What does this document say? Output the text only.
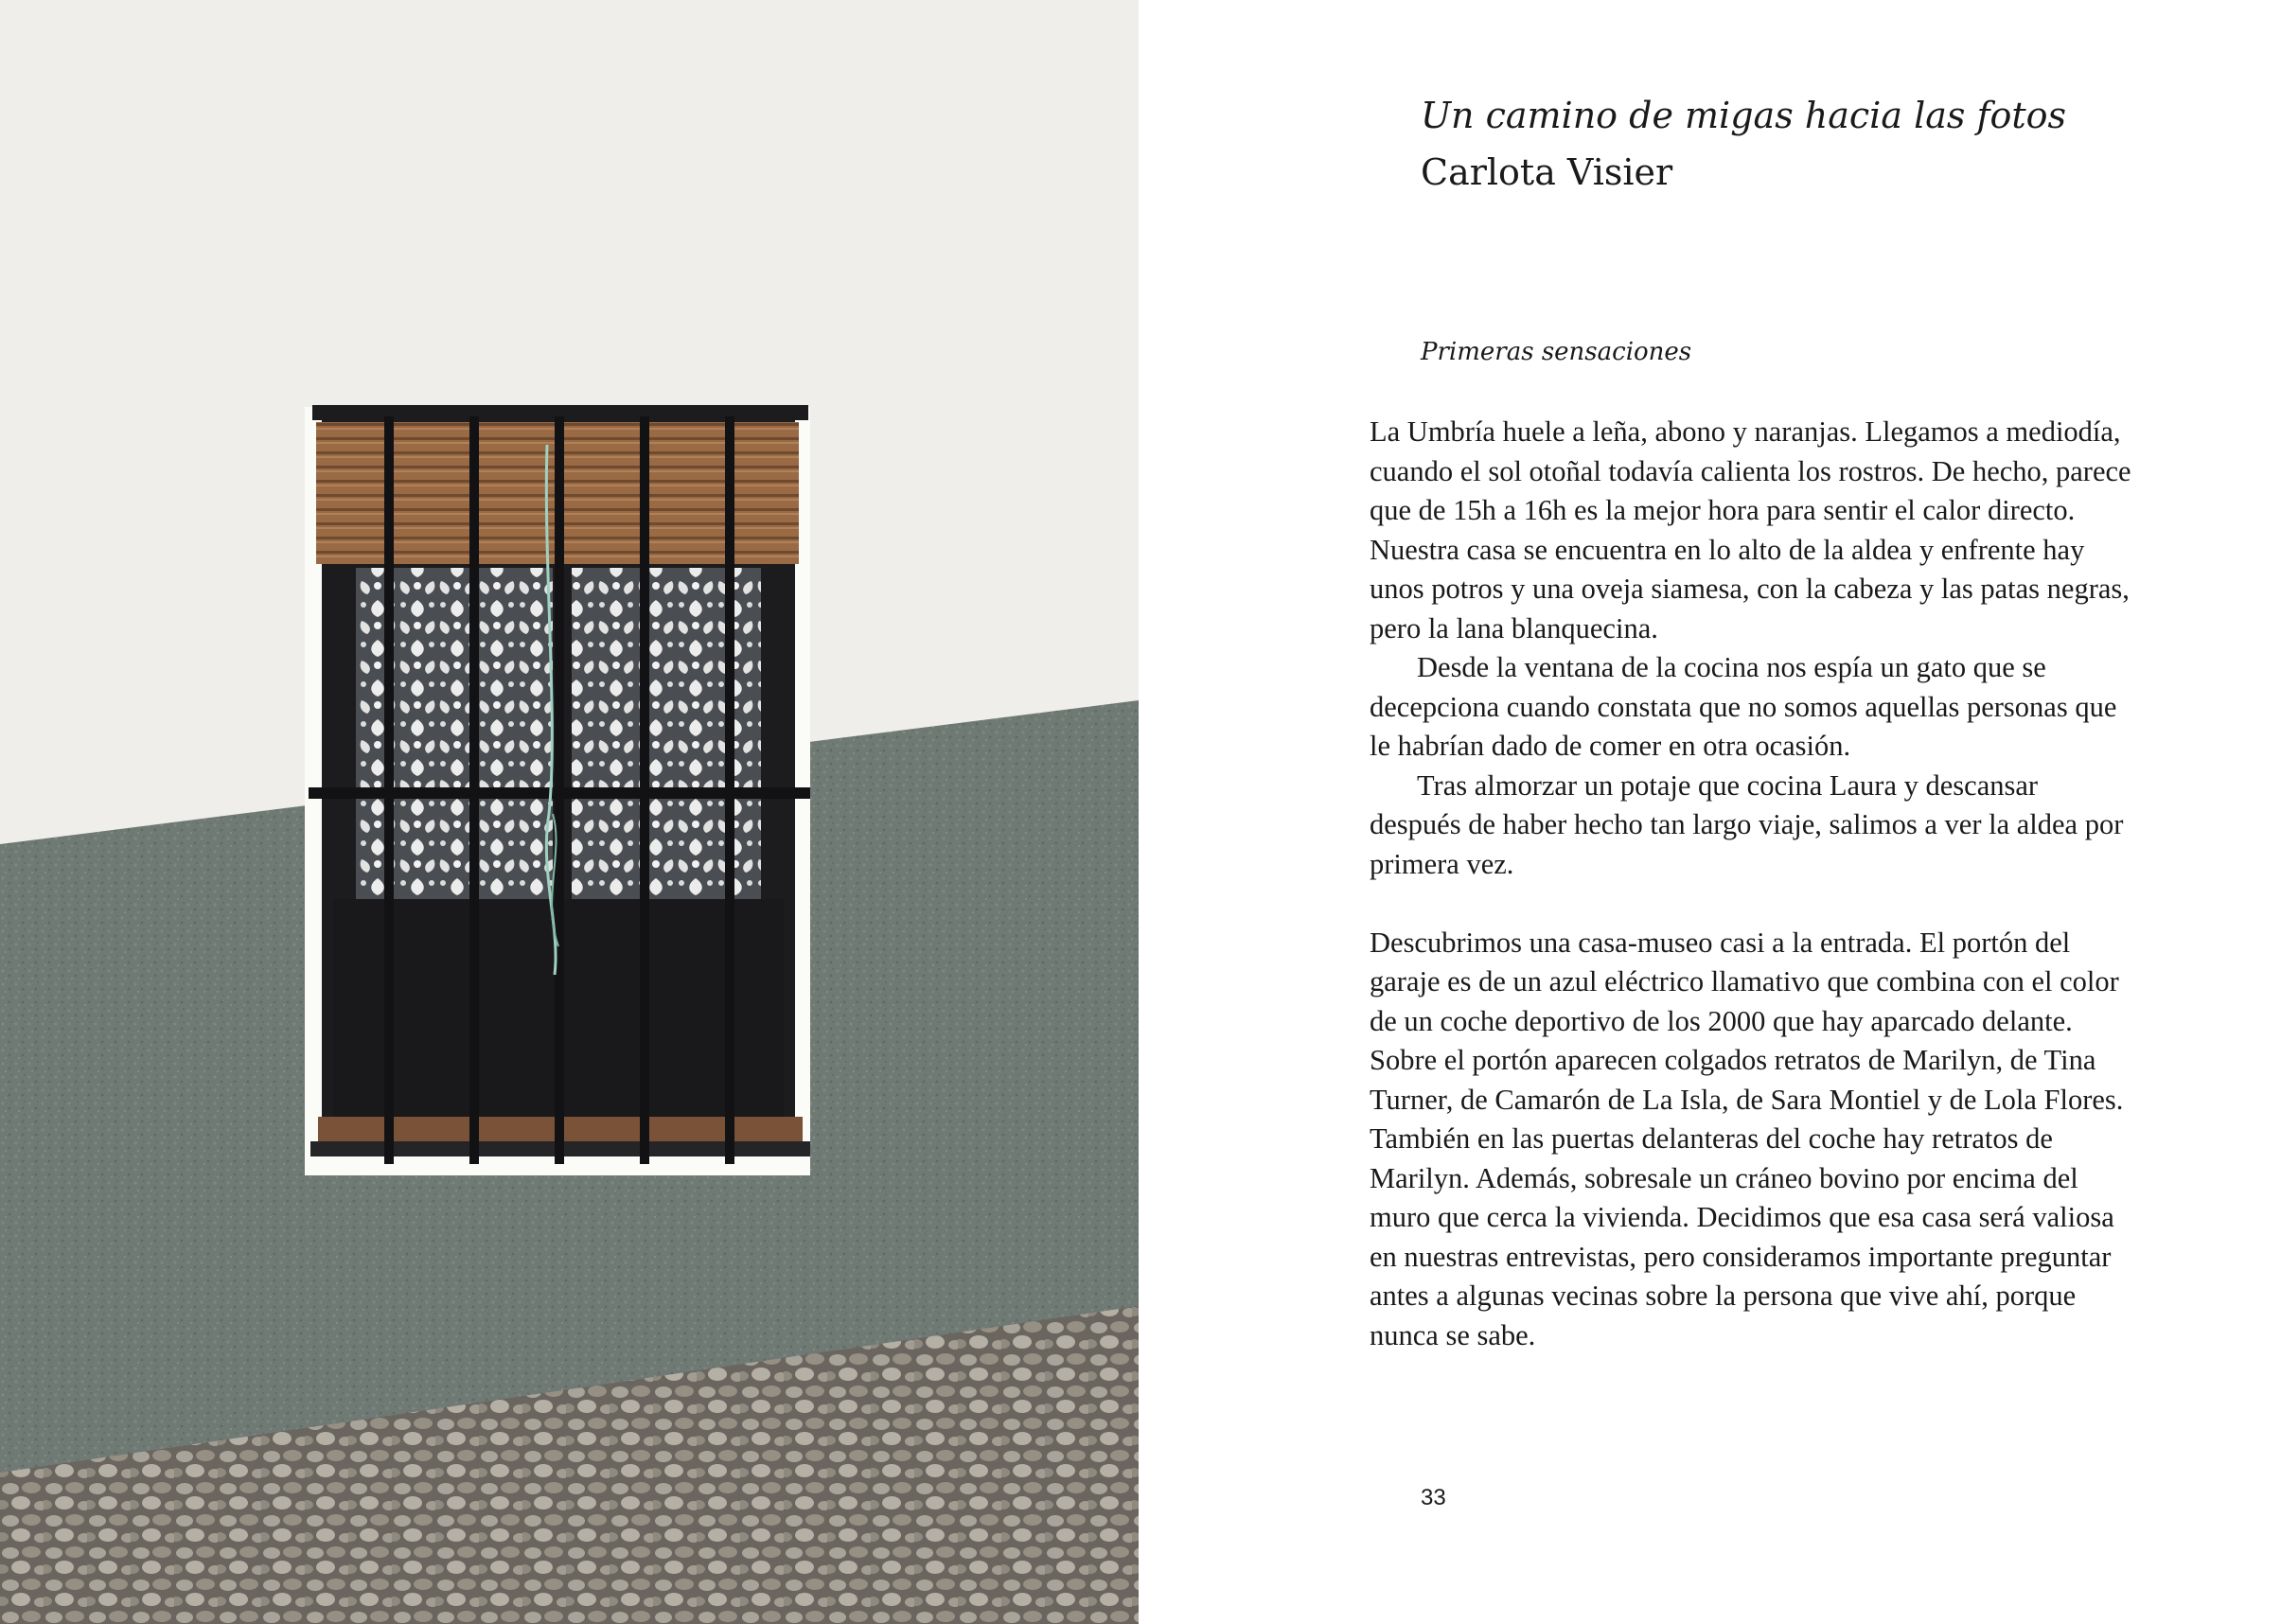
Un camino de migas hacia las fotos

Carlota Visier

Primeras sensaciones

La Umbría huele a leña, abono y naranjas. Llegamos a mediodía,
cuando el sol otoñal todavía calienta los rostros. De hecho, parece
que de 15h a 16h es la mejor hora para sentir el calor directo.
Nuestra casa se encuentra en lo alto de la aldea y enfrente hay
unos potros y una oveja siamesa, con la cabeza y las patas negras,
pero la lana blanquecina.
Desde la ventana de la cocina nos espía un gato que se
decepciona cuando constata que no somos aquellas personas que
le habrían dado de comer en otra ocasión.
Tras almorzar un potaje que cocina Laura y descansar
después de haber hecho tan largo viaje, salimos a ver la aldea por
primera vez.
Descubrimos una casa-museo casi a la entrada. El portón del
garaje es de un azul eléctrico llamativo que combina con el color
de un coche deportivo de los 2000 que hay aparcado delante.
Sobre el portón aparecen colgados retratos de Marilyn, de Tina
Turner, de Camarón de La Isla, de Sara Montiel y de Lola Flores.
También en las puertas delanteras del coche hay retratos de
Marilyn. Además, sobresale un cráneo bovino por encima del
muro que cerca la vivienda. Decidimos que esa casa será valiosa
en nuestras entrevistas, pero consideramos importante preguntar
antes a algunas vecinas sobre la persona que vive ahí, porque
nunca se sabe.
33
